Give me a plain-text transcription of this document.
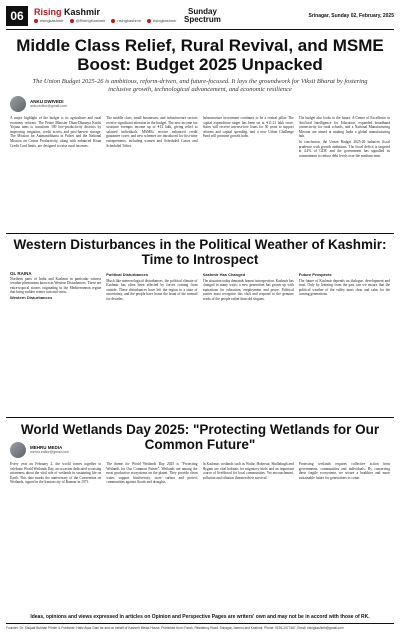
06	Rising Kashmir
risingkashmir	@RisingKashmir	risingkashmir	risingkashmir
Sunday
Spectrum	Srinagar, Sunday 02, February, 2025
Middle Class Relief, Rural Revival, and MSME Boost: Budget 2025 Unpacked
The Union Budget 2025-26 is ambitious, reform-driven, and future-focused. It lays the groundwork for Viksit Bharat by fostering inclusive growth, technological advancement, and economic resilience
ANKU DWIVEDI
anku.editor@gmail.com

A major highlight of the budget is its agriculture and rural economy reforms. The Prime Minister Dhan-Dhaanya Krishi Yojana aims to transform 100 low-productivity districts by improving irrigation, credit access and post-harvest storage. The Mission for Aatmanirbharta in Pulses and the National Mission on Cotton Productivity, along with enhanced Kisan Credit Card limits, are designed to raise rural incomes.

The middle class, small businesses, and infrastructure sectors receive significant attention in the budget. The new income tax structure exempts income up to ₹12 lakh, giving relief to salaried individuals. MSMEs receive enhanced credit guarantee cover, and new schemes are introduced for first-time entrepreneurs, including women and Scheduled Castes and Scheduled Tribes.

Infrastructure investment continues to be a central pillar. The capital expenditure target has been set at ₹11.21 lakh crore. States will receive interest-free loans for 50 years to support reforms and capital spending, and a new Urban Challenge Fund will promote growth hubs.

The budget also looks to the future. A Centre of Excellence in Artificial Intelligence for Education, expanded broadband connectivity for rural schools, and a National Manufacturing Mission are aimed at making India a global manufacturing hub.

In conclusion, the Union Budget 2025-26 balances fiscal prudence with growth ambitions. The fiscal deficit is targeted at 4.4% of GDP, and the government has signalled its commitment to reduce debt levels over the medium term.

Western Disturbances in the Political Weather of Kashmir: Time to Introspect
GL RAINA

Northern parts of India and Kashmir in particular witness weather phenomena known as Western Disturbances. These are extra-tropical storms originating in the Mediterranean region that bring sudden winter rain and snow.

Western Disturbances
Political Disturbances

Much like meteorological disturbances, the political climate of Kashmir has often been affected by forces coming from outside. These disturbances have left the region in a state of uncertainty, and the people have borne the brunt of the turmoil for decades.

Kashmir Has Changed

The situation today demands honest introspection. Kashmir has changed in many ways; a new generation has grown up with aspirations for education, employment and peace. Political parties must recognise this shift and respond to the genuine needs of the people rather than old slogans.

Future Prospects

The future of Kashmir depends on dialogue, development and trust. Only by learning from the past can we ensure that the political weather of the valley turns clear and calm for the coming generations.

World Wetlands Day 2025: "Protecting Wetlands for Our Common Future"
MEHRU MEDIA
mehru.editor@gmail.com

Every year on February 2, the world comes together to celebrate World Wetlands Day, an occasion dedicated to raising awareness about the vital role of wetlands in sustaining life on Earth. This date marks the anniversary of the Convention on Wetlands, signed in the Iranian city of Ramsar in 1971.

The theme for World Wetlands Day 2025 is "Protecting Wetlands for Our Common Future". Wetlands are among the most productive ecosystems on the planet. They provide clean water, support biodiversity, store carbon and protect communities against floods and droughts.

In Kashmir, wetlands such as Wular, Hokersar, Shallabugh and Hygam are vital habitats for migratory birds and an important source of livelihood for local communities. Yet encroachment, pollution and siltation threaten their survival.

Protecting wetlands requires collective action from governments, communities and individuals. By conserving these fragile ecosystems we secure a healthier and more sustainable future for generations to come.

Ideas, opinions and views expressed in articles on Opinion and Perspective Pages are writers' own and may not be in accord with those of RK.
Founder: Dr. Shujaat Bukhari Printer & Publisher: Hafiz Ayaz Gani for and on behalf of Kashmir Media House. Published from: Farah, Residency Road, Srinagar, Jammu and Kashmir. Phone: 0194-2477467, Email: risingkashmir@gmail.com
